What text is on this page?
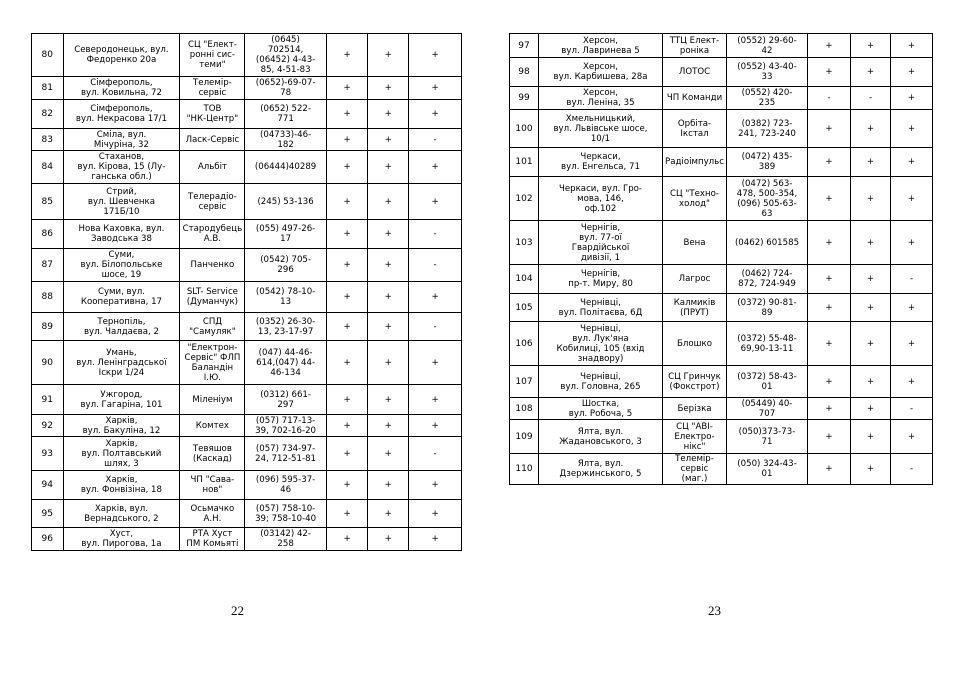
80	Северодонецьк, вул.
Федоренко 20а	СЦ "Елект-
ронні сис-
теми"	(0645)
702514,
(06452) 4-43-
85, 4-51-83	+	+	+
81	Сімферополь,
вул. Ковильна, 72	Телемір-
сервіс	(0652)-69-07-
78	+	+	+
82	Сімферополь,
вул. Некрасова 17/1	ТОВ
"НК-Центр"	(0652) 522-
771	+	+	+
83	Сміла, вул.
Мічуріна, 32	Ласк-Сервіс	(04733)-46-
182	+	+	-
84	Стаханов,
вул. Кірова, 15 (Лу-
ганська обл.)	Альбіт	(06444)40289	+	+	+
85	Стрий,
вул. Шевченка
171Б/10	Телерадіо-
сервіс	(245) 53-136	+	+	+
86	Нова Каховка, вул.
Заводська 38	Стародубець
А.В.	(055) 497-26-
17	+	+	-
87	Суми,
вул. Білопольське
шосе, 19	Панченко	(0542) 705-
296	+	+	-
88	Суми, вул.
Кооперативна, 17	SLT- Service
(Думанчук)	(0542) 78-10-
13	+	+	+
89	Тернопіль,
вул. Чалдаєва, 2	СПД
"Самуляк"	(0352) 26-30-
13, 23-17-97	+	+	-
90	Умань,
вул. Ленінградської
Іскри 1/24	"Електрон-
Сервіс" ФЛП
Баландін
І.Ю.	(047) 44-46-
614,(047) 44-
46-134	+	+	+
91	Ужгород,
вул. Гагаріна, 101	Міленіум	(0312) 661-
297	+	+	+
92	Харків,
вул. Бакуліна, 12	Комтех	(057) 717-13-
39, 702-16-20	+	+	+
93	Харків,
вул. Полтавський
шлях, 3	Тевяшов
(Каскад)	(057) 734-97-
24, 712-51-81	+	+	-
94	Харків,
вул. Фонвізіна, 18	ЧП "Сава-
нов"	(096) 595-37-
46	+	+	+
95	Харків, вул.
Вернадського, 2	Осьмачко
А.Н.	(057) 758-10-
39; 758-10-40	+	+	+
96	Хуст,
вул. Пирогова, 1а	РТА Хуст
ПМ Комьяті	(03142) 42-
258	+	+	+
97	Херсон,
вул. Лавринева 5	ТТЦ Елект-
роніка	(0552) 29-60-
42	+	+	+
98	Херсон,
вул. Карбишева, 28а	ЛОТОС	(0552) 43-40-
33	+	+	+
99	Херсон,
вул. Леніна, 35	ЧП Команди	(0552) 420-
235	-	-	+
100	Хмельницький,
вул. Львівське шосе,
10/1	Орбіта-
Ікстал	(0382) 723-
241, 723-240	+	+	+
101	Черкаси,
вул. Енгельса, 71	Радіоімпульс	(0472) 435-
389	+	+	+
102	Черкаси, вул. Гро-
мова, 146,
оф.102	СЦ "Техно-
холод"	(0472) 563-
478, 500-354,
(096) 505-63-
63	+	+	+
103	Чернігів,
вул. 77-ої
Гвардійської
дивізії, 1	Вена	(0462) 601585	+	+	+
104	Чернігів,
пр-т. Миру, 80	Лагрос	(0462) 724-
872, 724-949	+	+	-
105	Чернівці,
вул. Політаєва, 6Д	Калмиків
(ПРУТ)	(0372) 90-81-
89	+	+	+
106	Чернівці,
вул. Лук'яна
Кобилиці, 105 (вхід
знадвору)	Блошко	(0372) 55-48-
69,90-13-11	+	+	+
107	Чернівці,
вул. Головна, 265	СЦ Гринчук
(Фокстрот)	(0372) 58-43-
01	+	+	+
108	Шостка,
вул. Робоча, 5	Берізка	(05449) 40-
707	+	+	-
109	Ялта, вул.
Жадановського, 3	СЦ "АВІ-
Електро-
нікс"	(050)373-73-
71	+	+	+
110	Ялта, вул.
Дзержинського, 5	Телемір-
сервіс
(маг.)	(050) 324-43-
01	+	+	-
22	23
